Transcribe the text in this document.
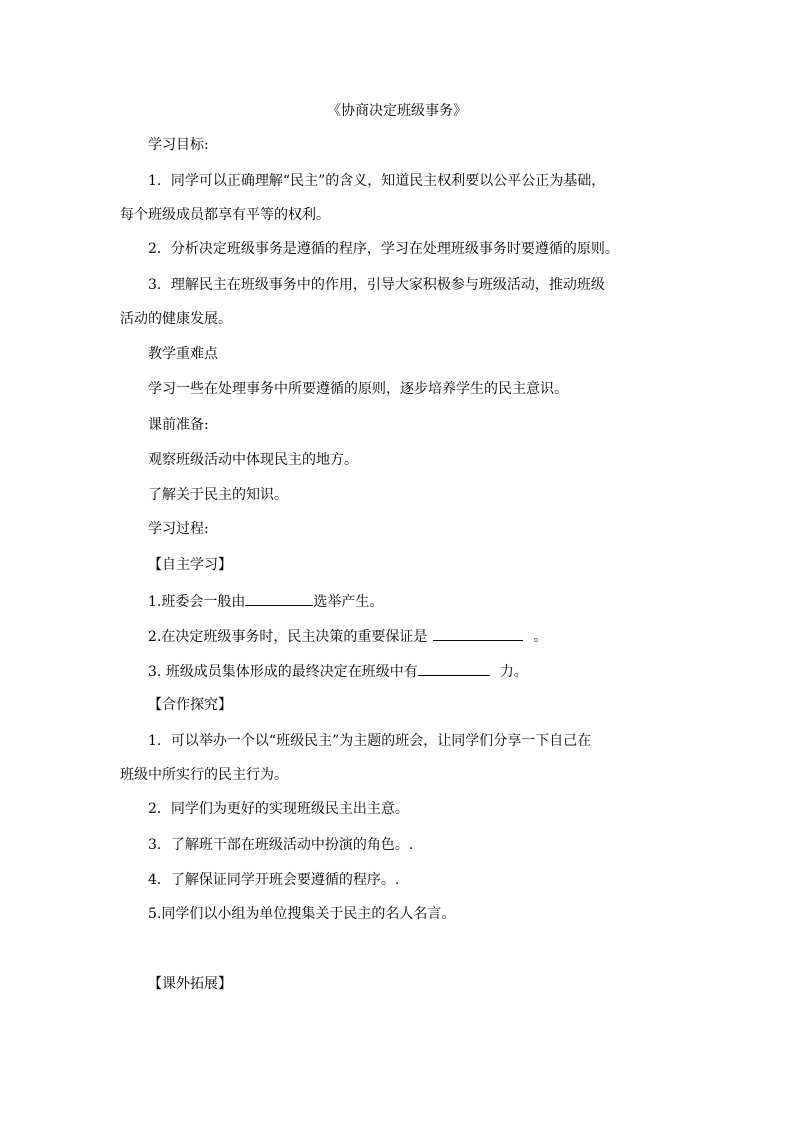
《协商决定班级事务》
学习目标:
1．同学可以正确理解“民主”的含义，知道民主权利要以公平公正为基础，
每个班级成员都享有平等的权利。
2．分析决定班级事务是遵循的程序，学习在处理班级事务时要遵循的原则。
3．理解民主在班级事务中的作用，引导大家积极参与班级活动，推动班级
活动的健康发展。
教学重难点
学习一些在处理事务中所要遵循的原则，逐步培养学生的民主意识。
课前准备:
观察班级活动中体现民主的地方。
了解关于民主的知识。
学习过程:
【自主学习】
1.班委会一般由	选举产生。
2.在决定班级事务时，民主决策的重要保证是	。
3. 班级成员集体形成的最终决定在班级中有	力。
【合作探究】
1．可以举办一个以“班级民主”为主题的班会，让同学们分享一下自己在
班级中所实行的民主行为。
2．同学们为更好的实现班级民主出主意。
3．了解班干部在班级活动中扮演的角色。.
4．了解保证同学开班会要遵循的程序。.
5.同学们以小组为单位搜集关于民主的名人名言。
【课外拓展】
